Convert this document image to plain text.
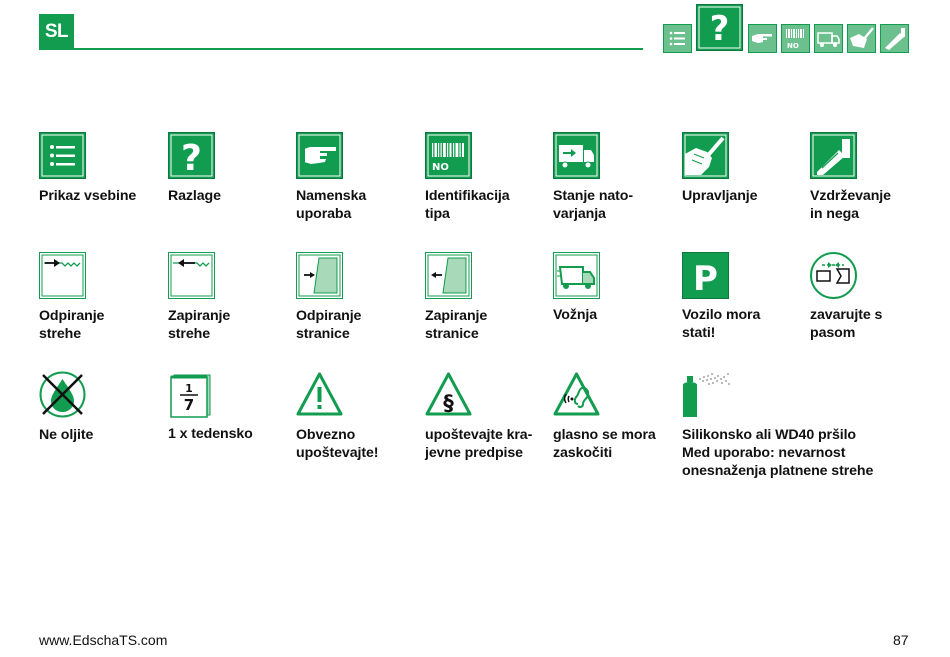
SL	?	NO
?	NO
Prikaz vsebine Razlage	Namenska
uporaba
Identifikacija
tipa
Stanje nato-
varjanja
Upravljanje	Vzdrževanje
in nega
P
Odpiranje
strehe
Zapiranje
strehe
Odpiranje
stranice
Zapiranje
stranice
Vožnja	Vozilo mora
stati!
zavarujte s
pasom
1
7	§
Ne oljite	1 x tedensko	Obvezno
upoštevajte!
upoštevajte kra-
jevne predpise
glasno se mora
zaskočiti
Silikonsko ali WD40 pršilo
Med uporabo: nevarnost
onesnaženja platnene strehe
www.EdschaTS.com	87
